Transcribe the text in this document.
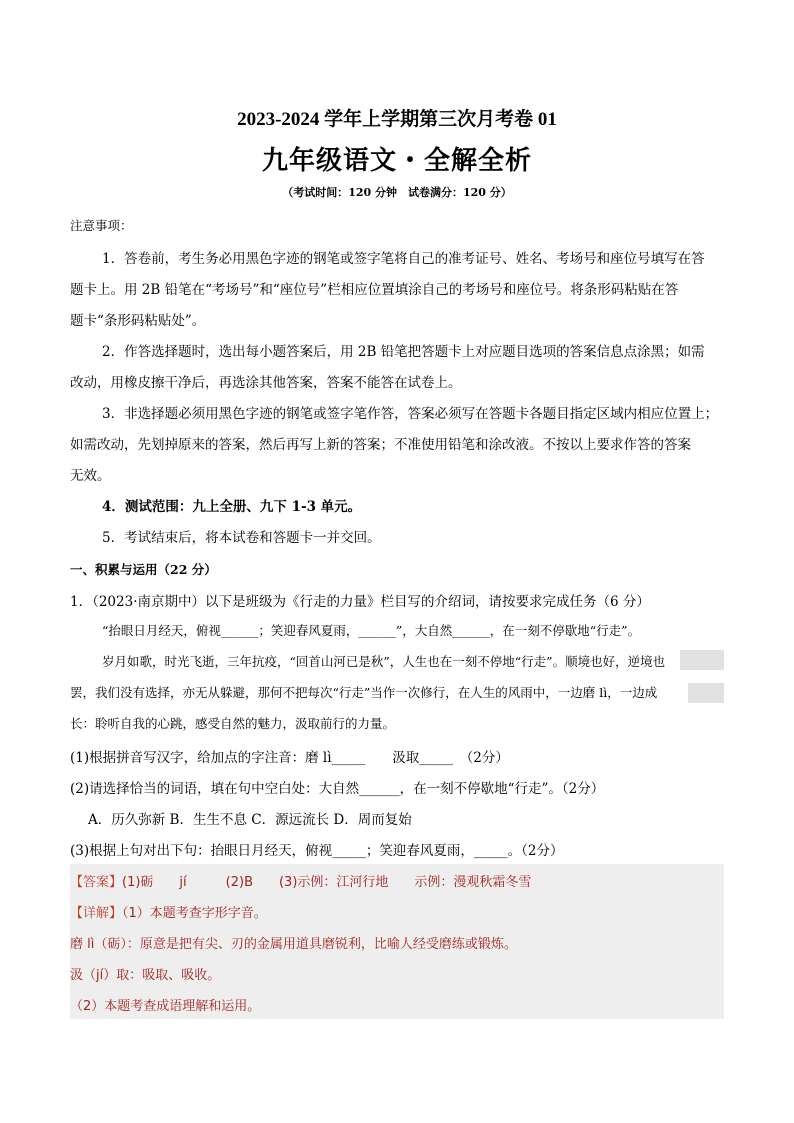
2023-2024 学年上学期第三次月考卷 01
九年级语文・全解全析
（考试时间：120 分钟　试卷满分：120 分）
注意事项：
1．答卷前，考生务必用黑色字迹的钢笔或签字笔将自己的准考证号、姓名、考场号和座位号填写在答
题卡上。用 2B 铅笔在“考场号”和“座位号”栏相应位置填涂自己的考场号和座位号。将条形码粘贴在答
题卡“条形码粘贴处”。
2．作答选择题时，选出每小题答案后，用 2B 铅笔把答题卡上对应题目选项的答案信息点涂黑；如需
改动，用橡皮擦干净后，再选涂其他答案，答案不能答在试卷上。
3．非选择题必须用黑色字迹的钢笔或签字笔作答，答案必须写在答题卡各题目指定区域内相应位置上；
如需改动，先划掉原来的答案，然后再写上新的答案；不准使用铅笔和涂改液。不按以上要求作答的答案
无效。
4．测试范围：九上全册、九下 1-3 单元。
5．考试结束后，将本试卷和答题卡一并交回。
一、积累与运用（22 分）
1．（2023·南京期中）以下是班级为《行走的力量》栏目写的介绍词，请按要求完成任务（6 分）
“抬眼日月经天，俯视______；笑迎春风夏雨，______”，大自然______，在一刻不停歇地“行走”。
岁月如歌，时光飞逝，三年抗疫，“回首山河已是秋”，人生也在一刻不停地“行走”。顺境也好，逆境也
罢，我们没有选择，亦无从躲避，那何不把每次“行走”当作一次修行，在人生的风雨中，一边磨 lì，一边成
长：聆听自我的心跳，感受自然的魅力，汲取前行的力量。
(1)根据拼音写汉字，给加点的字注音：磨 lì_____　　汲取_____　（2分）
(2)请选择恰当的词语，填在句中空白处：大自然______，在一刻不停歇地“行走”。（2分）
A．历久弥新 B．生生不息 C．源远流长 D．周而复始
(3)根据上句对出下句：抬眼日月经天，俯视_____；笑迎春风夏雨，_____。（2分）
【答案】(1)砺　　jí　　　(2)B　　(3)示例：江河行地　　示例：漫观秋霜冬雪
【详解】（1）本题考查字形字音。
磨 lì（砺）：原意是把有尖、刃的金属用道具磨锐利，比喻人经受磨练或锻炼。
汲（jí）取：吸取、吸收。
（2）本题考查成语理解和运用。
